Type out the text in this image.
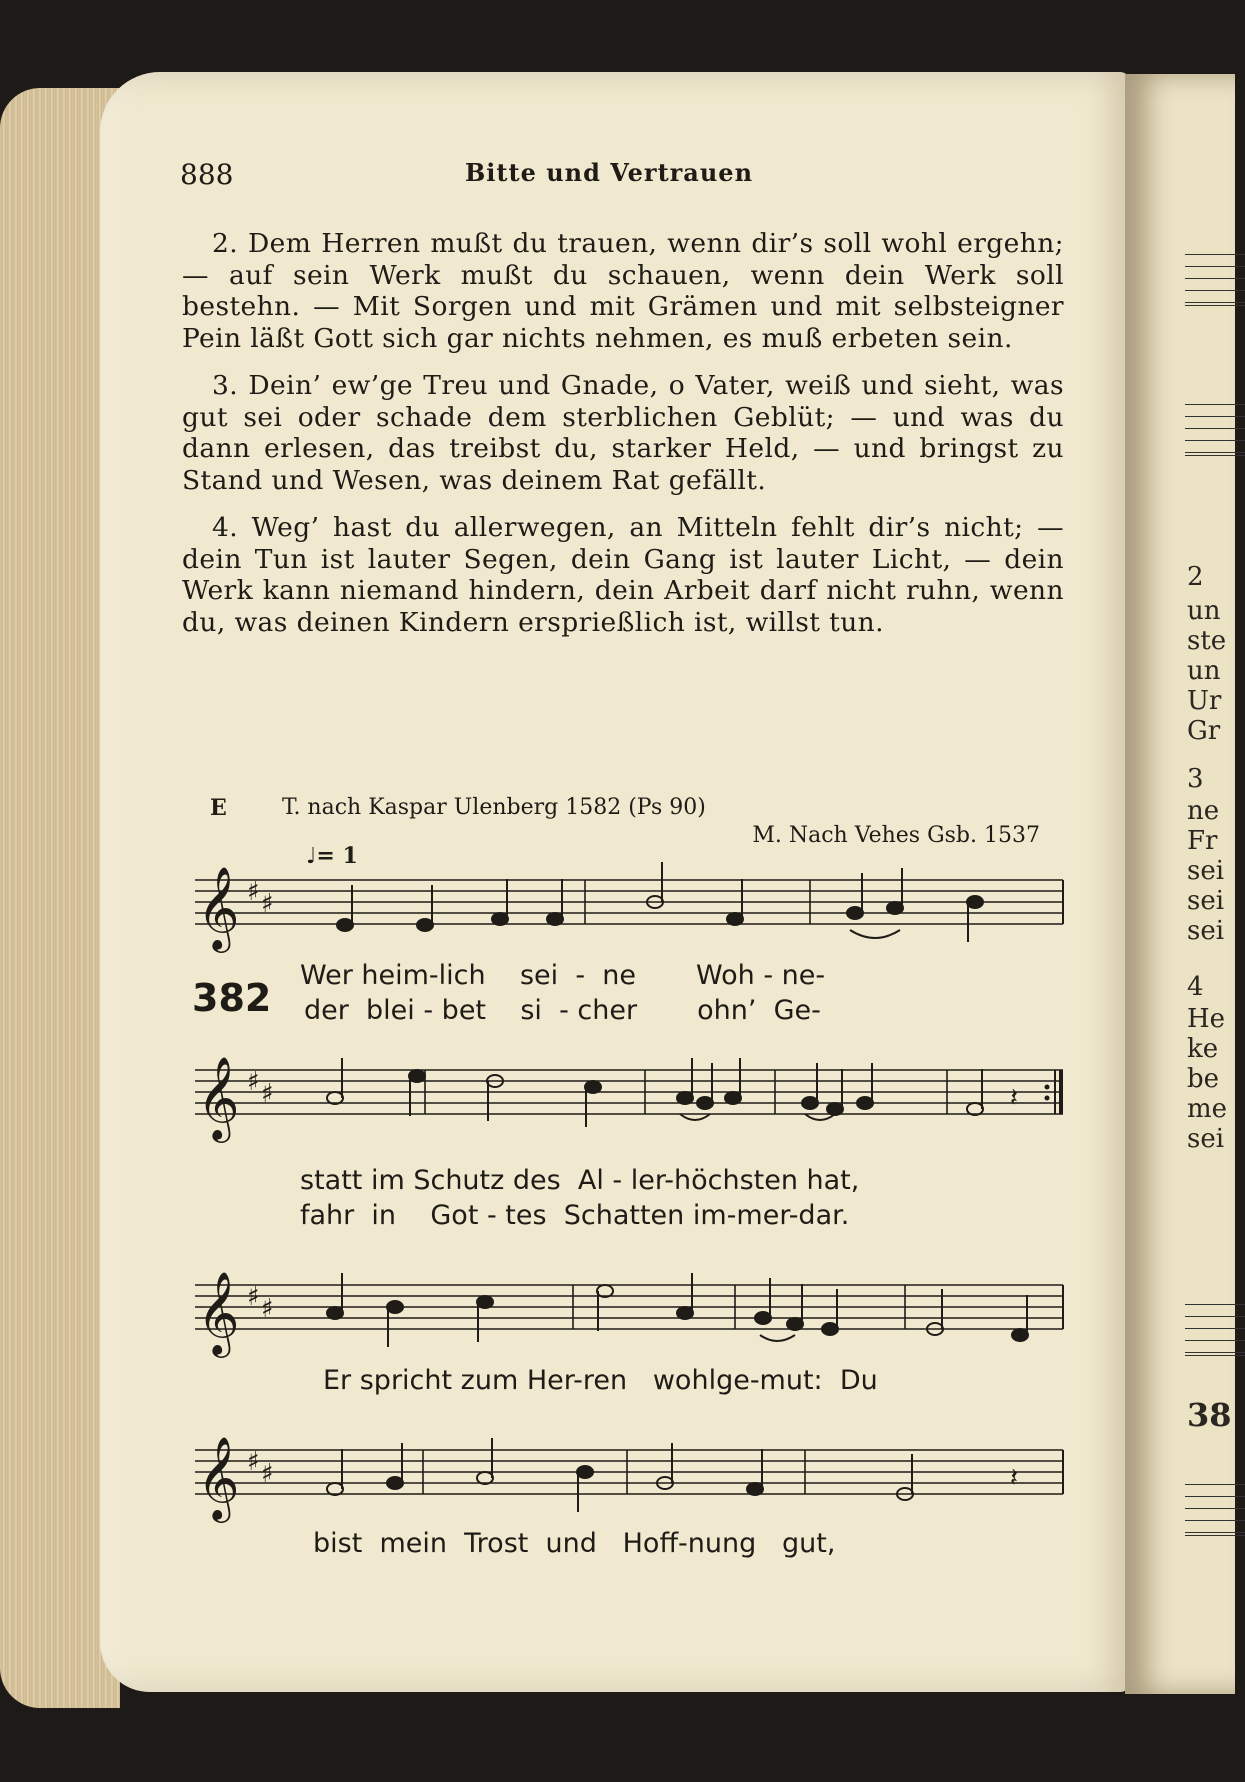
2
un
ste
un
Ur
Gr
3
ne
Fr
sei
sei
sei
4
He
ke
be
me
sei
38
888	Bitte und Vertrauen

2. Dem Herren mußt du trauen, wenn dir’s soll wohl ergehn; — auf sein Werk mußt du schauen, wenn dein Werk soll bestehn. — Mit Sorgen und mit Grämen und mit selbsteigner Pein läßt Gott sich gar nichts nehmen, es muß erbeten sein.

3. Dein’ ew’ge Treu und Gnade, o Vater, weiß und sieht, was gut sei oder schade dem sterblichen Geblüt; — und was du dann erlesen, das treibst du, starker Held, — und bringst zu Stand und Wesen, was deinem Rat gefällt.

4. Weg’ hast du allerwegen, an Mitteln fehlt dir’s nicht; — dein Tun ist lauter Segen, dein Gang ist lauter Licht, — dein Werk kann niemand hindern, dein Arbeit darf nicht ruhn, wenn du, was deinen Kindern ersprießlich ist, willst tun.

E	T. nach Kaspar Ulenberg 1582 (Ps 90)
M. Nach Vehes Gsb. 1537
♩= 1
382
𝄞 ♯ ♯
Wer heim-lich    sei  -  ne       Woh - ne-
der  blei - bet    si  - cher       ohn’  Ge-
𝄞 ♯ ♯	𝄽
statt im Schutz des  Al - ler-höchsten hat,
fahr  in    Got - tes  Schatten im-mer-dar.
𝄞 ♯ ♯
Er spricht zum Her-ren   wohlge-mut:  Du
𝄞 ♯ ♯	𝄽
bist  mein  Trost  und   Hoff-nung   gut,
